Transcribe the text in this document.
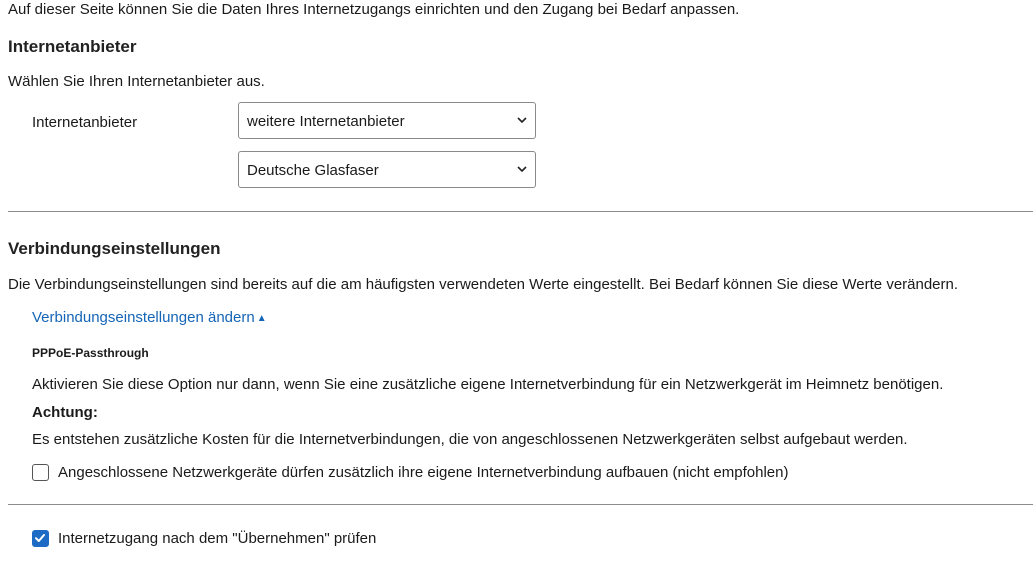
Auf dieser Seite können Sie die Daten Ihres Internetzugangs einrichten und den Zugang bei Bedarf anpassen.
Internetanbieter
Wählen Sie Ihren Internetanbieter aus.
Internetanbieter	weitere Internetanbieter
Deutsche Glasfaser
Verbindungseinstellungen
Die Verbindungseinstellungen sind bereits auf die am häufigsten verwendeten Werte eingestellt. Bei Bedarf können Sie diese Werte verändern.
Verbindungseinstellungen ändern ▲
PPPoE-Passthrough
Aktivieren Sie diese Option nur dann, wenn Sie eine zusätzliche eigene Internetverbindung für ein Netzwerkgerät im Heimnetz benötigen.
Achtung:
Es entstehen zusätzliche Kosten für die Internetverbindungen, die von angeschlossenen Netzwerkgeräten selbst aufgebaut werden.
Angeschlossene Netzwerkgeräte dürfen zusätzlich ihre eigene Internetverbindung aufbauen (nicht empfohlen)
Internetzugang nach dem "Übernehmen" prüfen
